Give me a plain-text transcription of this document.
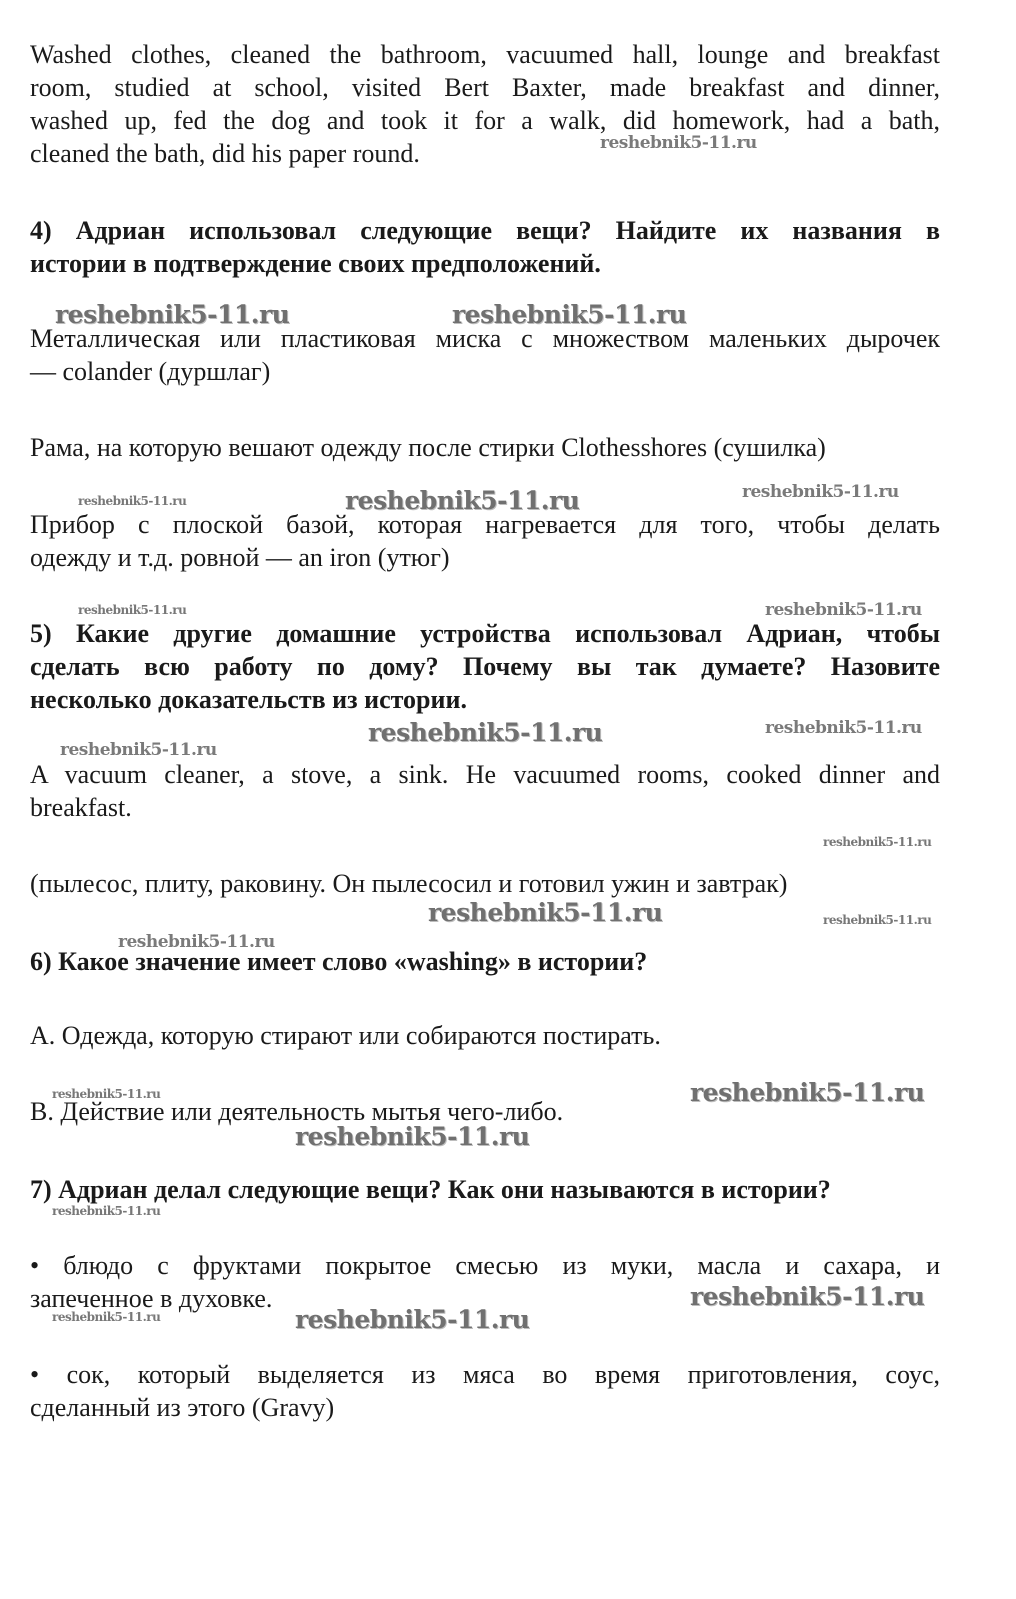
Washed clothes, cleaned the bathroom, vacuumed hall, lounge and breakfast
room, studied at school, visited Bert Baxter, made breakfast and dinner,
washed up, fed the dog and took it for a walk, did homework, had a bath,
cleaned the bath, did his paper round.

4) Адриан использовал следующие вещи? Найдите их названия в
истории в подтверждение своих предположений.

Металлическая или пластиковая миска с множеством маленьких дырочек
— colander (дуршлаг)

Рама, на которую вешают одежду после стирки Clothesshores (сушилка)

Прибор с плоской базой, которая нагревается для того, чтобы делать
одежду и т.д. ровной — an iron (утюг)

5) Какие другие домашние устройства использовал Адриан, чтобы
сделать всю работу по дому? Почему вы так думаете? Назовите
несколько доказательств из истории.

A vacuum cleaner, a stove, a sink. He vacuumed rooms, cooked dinner and
breakfast.

(пылесос, плиту, раковину. Он пылесосил и готовил ужин и завтрак)

6) Какое значение имеет слово «washing» в истории?

А. Одежда, которую стирают или собираются постирать.

В. Действие или деятельность мытья чего-либо.

7) Адриан делал следующие вещи? Как они называются в истории?

• блюдо с фруктами покрытое смесью из муки, масла и сахара, и
запеченное в духовке.

• сок, который выделяется из мяса во время приготовления, соус,
сделанный из этого (Gravy)

reshebnik5-11.ru
reshebnik5-11.ru	reshebnik5-11.ru
reshebnik5-11.ru	reshebnik5-11.ru	reshebnik5-11.ru
reshebnik5-11.ru	reshebnik5-11.ru
reshebnik5-11.ru	reshebnik5-11.ru
reshebnik5-11.ru
reshebnik5-11.ru
reshebnik5-11.ru	reshebnik5-11.ru
reshebnik5-11.ru
reshebnik5-11.ru	reshebnik5-11.ru
reshebnik5-11.ru
reshebnik5-11.ru
reshebnik5-11.ru
reshebnik5-11.ru	reshebnik5-11.ru
